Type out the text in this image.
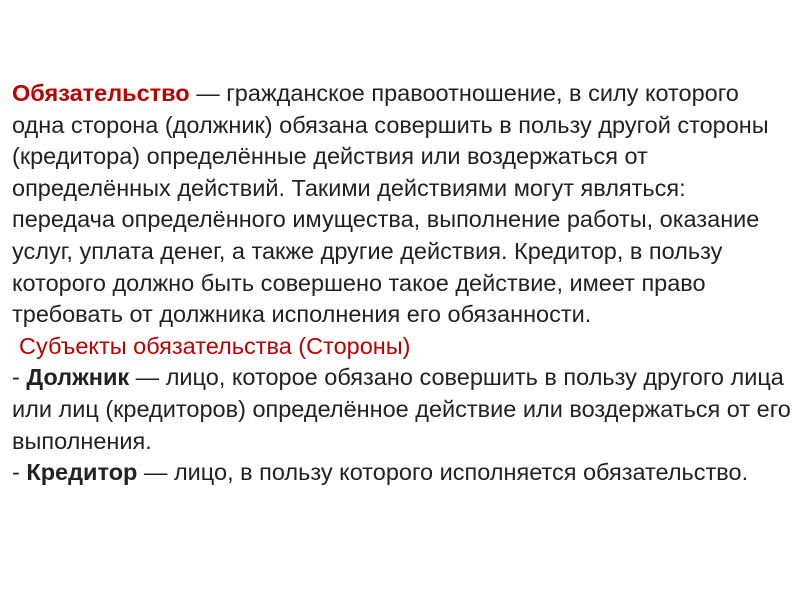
Обязательство — гражданское правоотношение, в силу которого одна сторона (должник) обязана совершить в пользу другой стороны (кредитора) определённые действия или воздержаться от определённых действий. Такими действиями могут являться: передача определённого имущества, выполнение работы, оказание услуг, уплата денег, а также другие действия. Кредитор, в пользу которого должно быть совершено такое действие, имеет право требовать от должника исполнения его обязанности.

Субъекты обязательства (Стороны)

- Должник — лицо, которое обязано совершить в пользу другого лица или лиц (кредиторов) определённое действие или воздержаться от его выполнения.

- Кредитор — лицо, в пользу которого исполняется обязательство.
